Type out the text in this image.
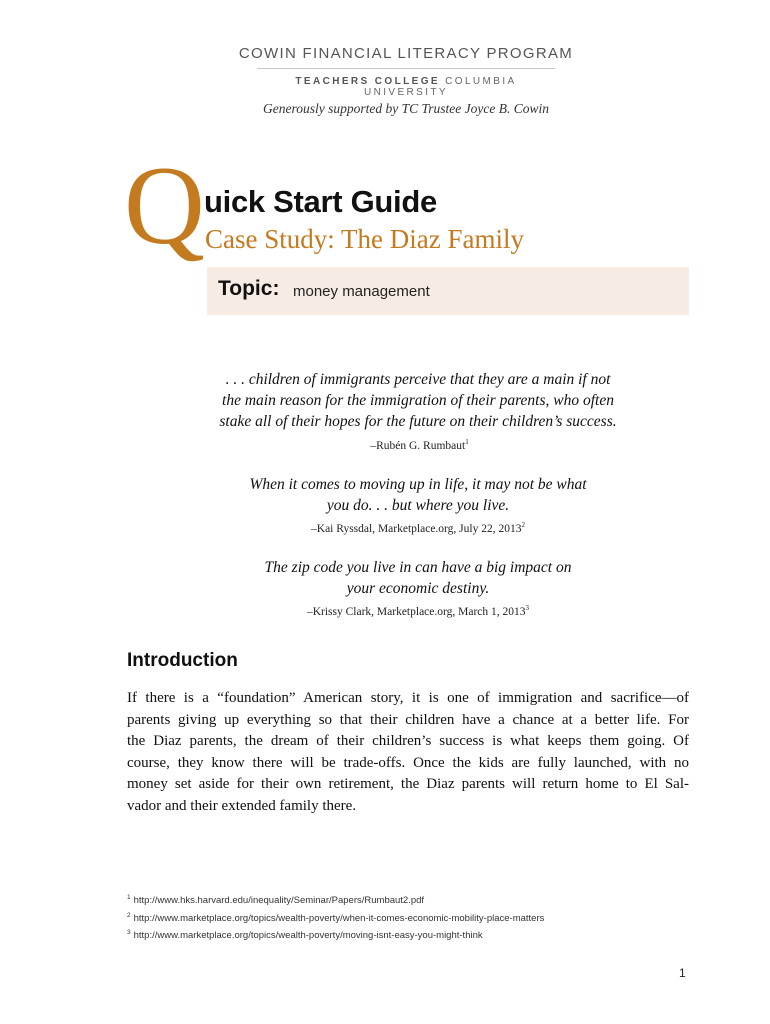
COWIN FINANCIAL LITERACY PROGRAM
TEACHERS COLLEGE COLUMBIA UNIVERSITY
Generously supported by TC Trustee Joyce B. Cowin
Q uick Start Guide
Case Study: The Diaz Family
Topic: money management
. . . children of immigrants perceive that they are a main if not
the main reason for the immigration of their parents, who often
stake all of their hopes for the future on their children’s success.
–Rubén G. Rumbaut$^1$
When it comes to moving up in life, it may not be what
you do. . . but where you live.
–Kai Ryssdal, Marketplace.org, July 22, 2013$^2$
The zip code you live in can have a big impact on
your economic destiny.
–Krissy Clark, Marketplace.org, March 1, 2013$^3$
Introduction
If there is a “foundation” American story, it is one of immigration and sacrifice—of
parents giving up everything so that their children have a chance at a better life. For
the Diaz parents, the dream of their children’s success is what keeps them going. Of
course, they know there will be trade-offs. Once the kids are fully launched, with no
money set aside for their own retirement, the Diaz parents will return home to El Sal-
vador and their extended family there.
$^1$ http://www.hks.harvard.edu/inequality/Seminar/Papers/Rumbaut2.pdf
$^2$ http://www.marketplace.org/topics/wealth-poverty/when-it-comes-economic-mobility-place-matters
$^3$ http://www.marketplace.org/topics/wealth-poverty/moving-isnt-easy-you-might-think
1
